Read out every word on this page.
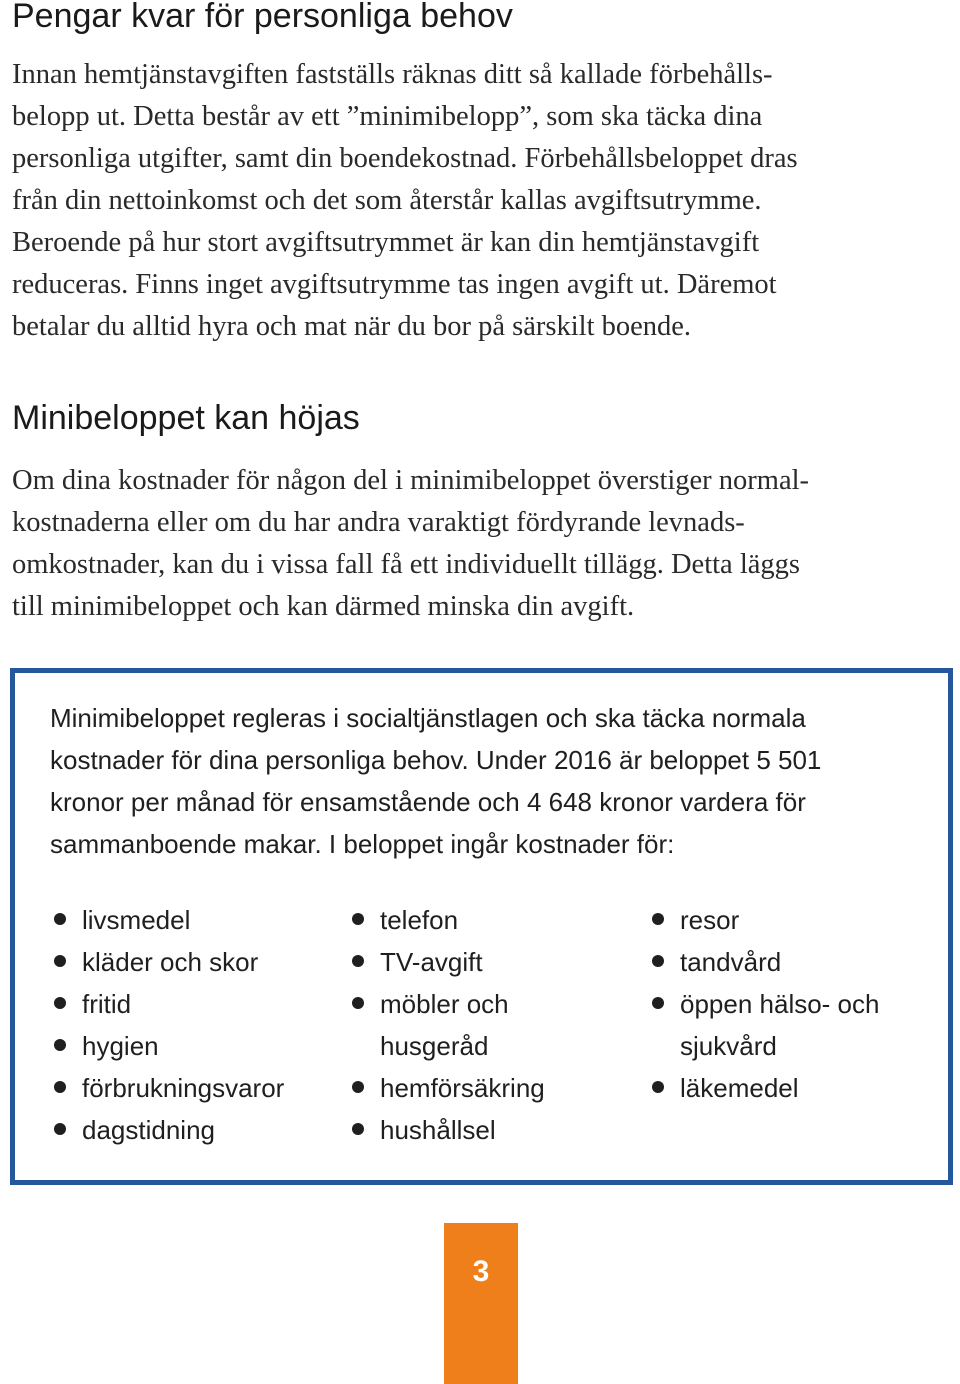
Pengar kvar för personliga behov

Innan hemtjänstavgiften fastställs räknas ditt så kallade förbehålls-
belopp ut. Detta består av ett ”minimibelopp”, som ska täcka dina
personliga utgifter, samt din boendekostnad. Förbehållsbeloppet dras
från din nettoinkomst och det som återstår kallas avgiftsutrymme.
Beroende på hur stort avgiftsutrymmet är kan din hemtjänstavgift
reduceras. Finns inget avgiftsutrymme tas ingen avgift ut. Däremot
betalar du alltid hyra och mat när du bor på särskilt boende.

Minibeloppet kan höjas

Om dina kostnader för någon del i minimibeloppet överstiger normal-
kostnaderna eller om du har andra varaktigt fördyrande levnads-
omkostnader, kan du i vissa fall få ett individuellt tillägg. Detta läggs
till minimibeloppet och kan därmed minska din avgift.

Minimibeloppet regleras i socialtjänstlagen och ska täcka normala
kostnader för dina personliga behov. Under 2016 är beloppet 5 501
kronor per månad för ensamstående och 4 648 kronor vardera för
sammanboende makar. I beloppet ingår kostnader för:

livsmedel
kläder och skor
fritid
hygien
förbrukningsvaror
dagstidning
telefon
TV-avgift
möbler och
husgeråd
hemförsäkring
hushållsel
resor
tandvård
öppen hälso- och
sjukvård
läkemedel
3
